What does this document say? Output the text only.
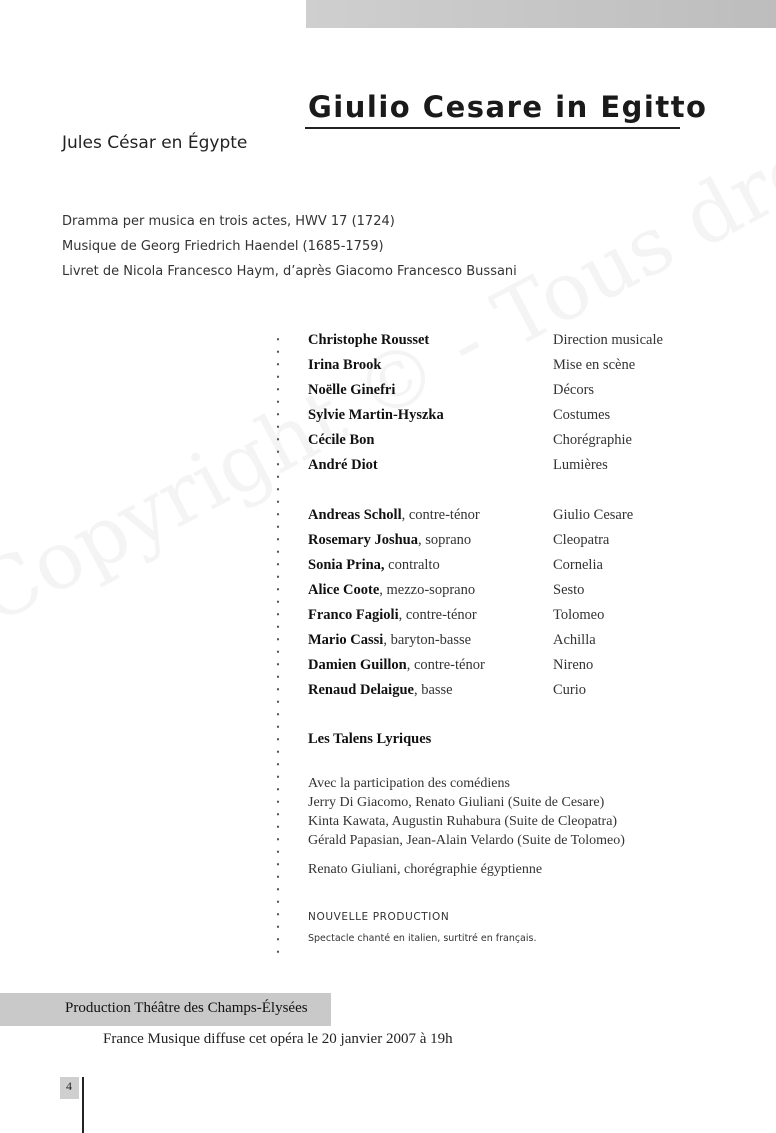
Giulio Cesare in Egitto
Jules César en Égypte
Dramma per musica en trois actes, HWV 17 (1724)
Musique de Georg Friedrich Haendel (1685-1759)
Livret de Nicola Francesco Haym, d’après Giacomo Francesco Bussani
Christophe Rousset	Direction musicale
Irina Brook	Mise en scène
Noëlle Ginefri	Décors
Sylvie Martin-Hyszka	Costumes
Cécile Bon	Chorégraphie
André Diot	Lumières
Andreas Scholl, contre-ténor	Giulio Cesare
Rosemary Joshua, soprano	Cleopatra
Sonia Prina, contralto	Cornelia
Alice Coote, mezzo-soprano	Sesto
Franco Fagioli, contre-ténor	Tolomeo
Mario Cassi, baryton-basse	Achilla
Damien Guillon, contre-ténor	Nireno
Renaud Delaigue, basse	Curio
Les Talens Lyriques
Avec la participation des comédiens
Jerry Di Giacomo, Renato Giuliani (Suite de Cesare)
Kinta Kawata, Augustin Ruhabura (Suite de Cleopatra)
Gérald Papasian, Jean-Alain Velardo (Suite de Tolomeo)
Renato Giuliani, chorégraphie égyptienne
NOUVELLE PRODUCTION
Spectacle chanté en italien, surtitré en français.
Production Théâtre des Champs-Élysées
France Musique diffuse cet opéra le 20 janvier 2007 à 19h
4
